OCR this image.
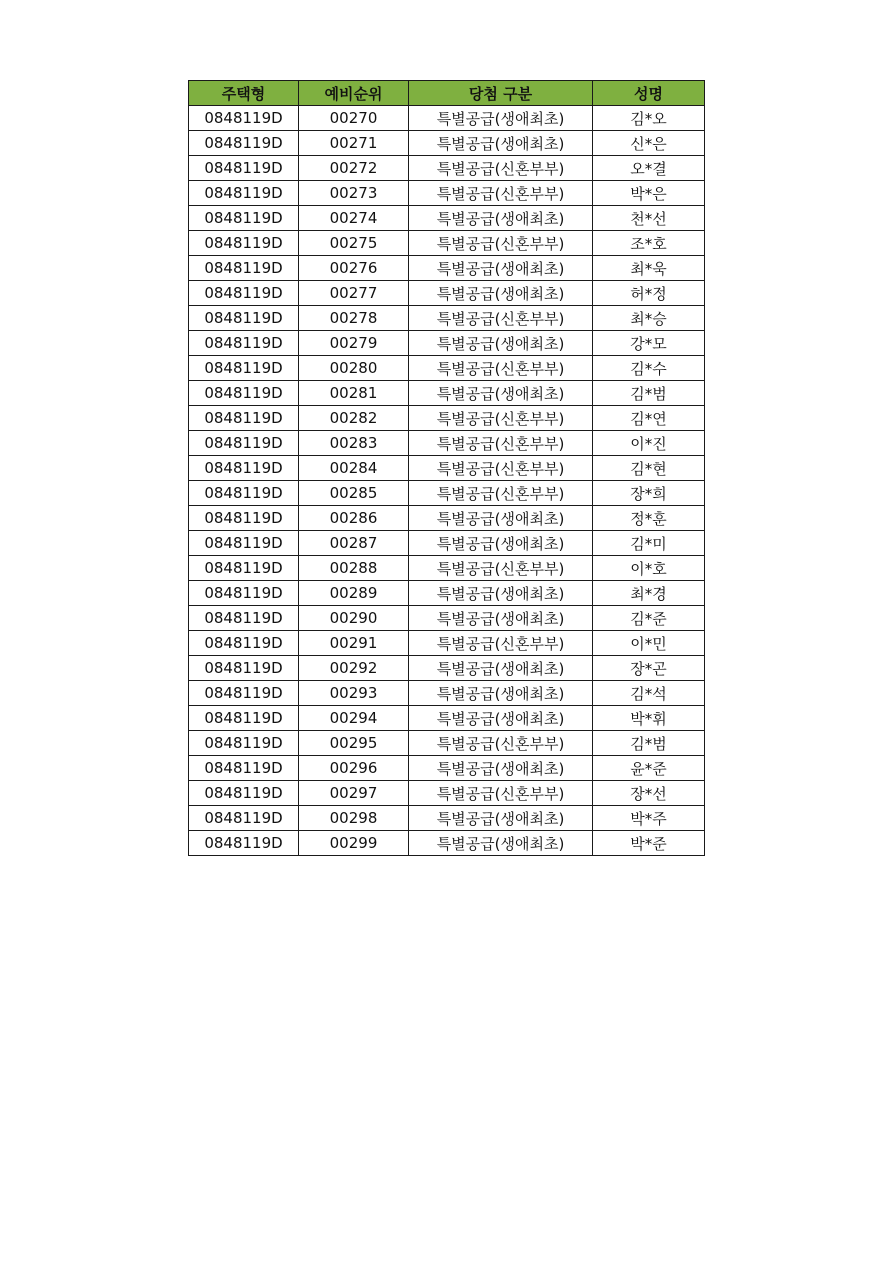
주택형	예비순위	당첨 구분	성명
0848119D	00270	특별공급(생애최초)	김*오
0848119D	00271	특별공급(생애최초)	신*은
0848119D	00272	특별공급(신혼부부)	오*결
0848119D	00273	특별공급(신혼부부)	박*은
0848119D	00274	특별공급(생애최초)	천*선
0848119D	00275	특별공급(신혼부부)	조*호
0848119D	00276	특별공급(생애최초)	최*욱
0848119D	00277	특별공급(생애최초)	허*정
0848119D	00278	특별공급(신혼부부)	최*승
0848119D	00279	특별공급(생애최초)	강*모
0848119D	00280	특별공급(신혼부부)	김*수
0848119D	00281	특별공급(생애최초)	김*범
0848119D	00282	특별공급(신혼부부)	김*연
0848119D	00283	특별공급(신혼부부)	이*진
0848119D	00284	특별공급(신혼부부)	김*현
0848119D	00285	특별공급(신혼부부)	장*희
0848119D	00286	특별공급(생애최초)	정*훈
0848119D	00287	특별공급(생애최초)	김*미
0848119D	00288	특별공급(신혼부부)	이*호
0848119D	00289	특별공급(생애최초)	최*경
0848119D	00290	특별공급(생애최초)	김*준
0848119D	00291	특별공급(신혼부부)	이*민
0848119D	00292	특별공급(생애최초)	장*곤
0848119D	00293	특별공급(생애최초)	김*석
0848119D	00294	특별공급(생애최초)	박*휘
0848119D	00295	특별공급(신혼부부)	김*범
0848119D	00296	특별공급(생애최초)	윤*준
0848119D	00297	특별공급(신혼부부)	장*선
0848119D	00298	특별공급(생애최초)	박*주
0848119D	00299	특별공급(생애최초)	박*준
